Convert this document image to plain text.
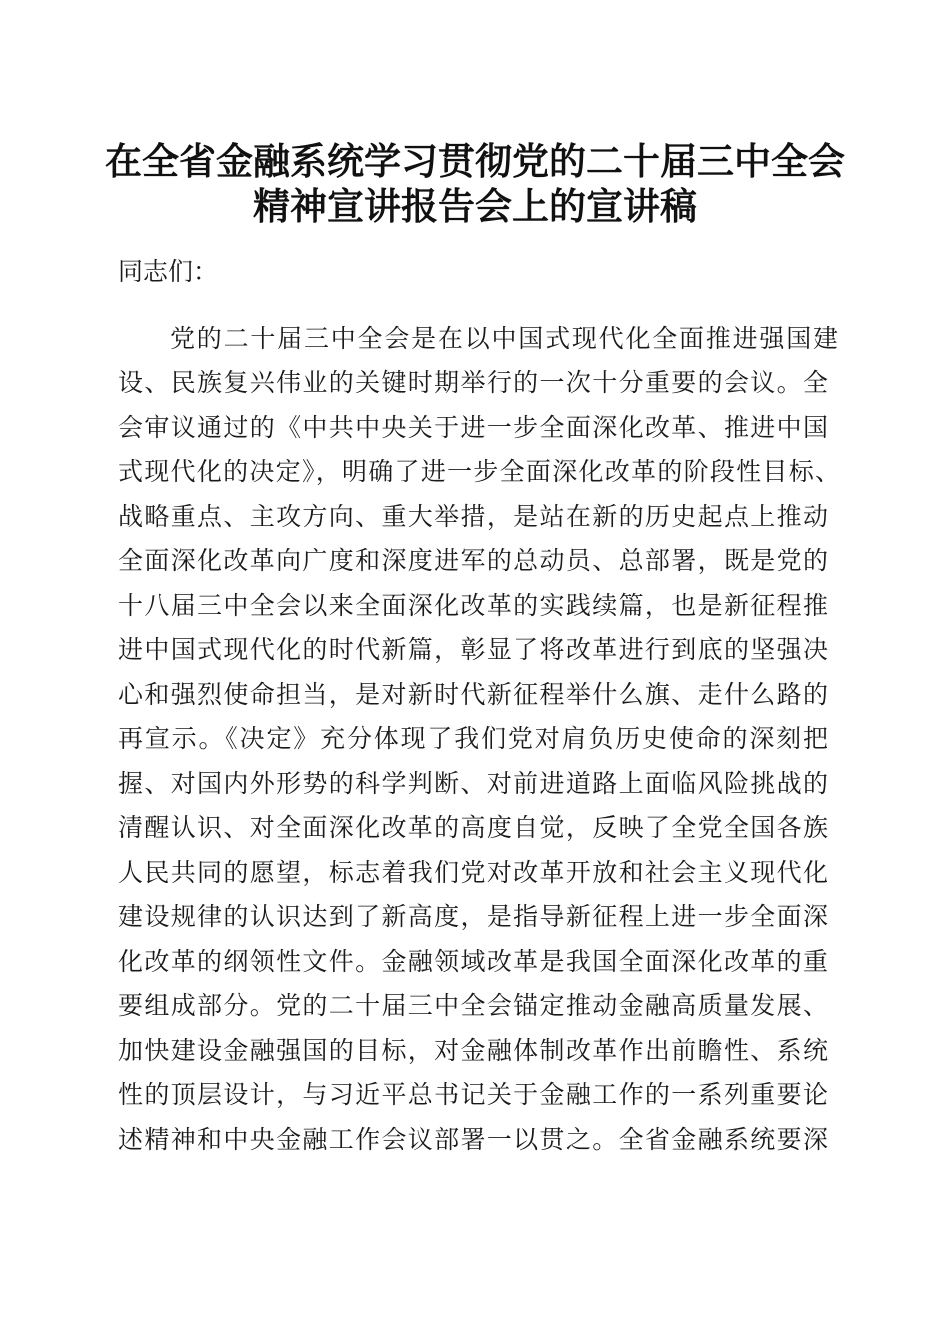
在全省金融系统学习贯彻党的二十届三中全会
精神宣讲报告会上的宣讲稿
同志们：
党的二十届三中全会是在以中国式现代化全面推进强国建
设、民族复兴伟业的关键时期举行的一次十分重要的会议。全
会审议通过的《中共中央关于进一步全面深化改革、推进中国
式现代化的决定》，明确了进一步全面深化改革的阶段性目标、
战略重点、主攻方向、重大举措，是站在新的历史起点上推动
全面深化改革向广度和深度进军的总动员、总部署，既是党的
十八届三中全会以来全面深化改革的实践续篇，也是新征程推
进中国式现代化的时代新篇，彰显了将改革进行到底的坚强决
心和强烈使命担当，是对新时代新征程举什么旗、走什么路的
再宣示。《决定》充分体现了我们党对肩负历史使命的深刻把
握、对国内外形势的科学判断、对前进道路上面临风险挑战的
清醒认识、对全面深化改革的高度自觉，反映了全党全国各族
人民共同的愿望，标志着我们党对改革开放和社会主义现代化
建设规律的认识达到了新高度，是指导新征程上进一步全面深
化改革的纲领性文件。金融领域改革是我国全面深化改革的重
要组成部分。党的二十届三中全会锚定推动金融高质量发展、
加快建设金融强国的目标，对金融体制改革作出前瞻性、系统
性的顶层设计，与习近平总书记关于金融工作的一系列重要论
述精神和中央金融工作会议部署一以贯之。全省金融系统要深
